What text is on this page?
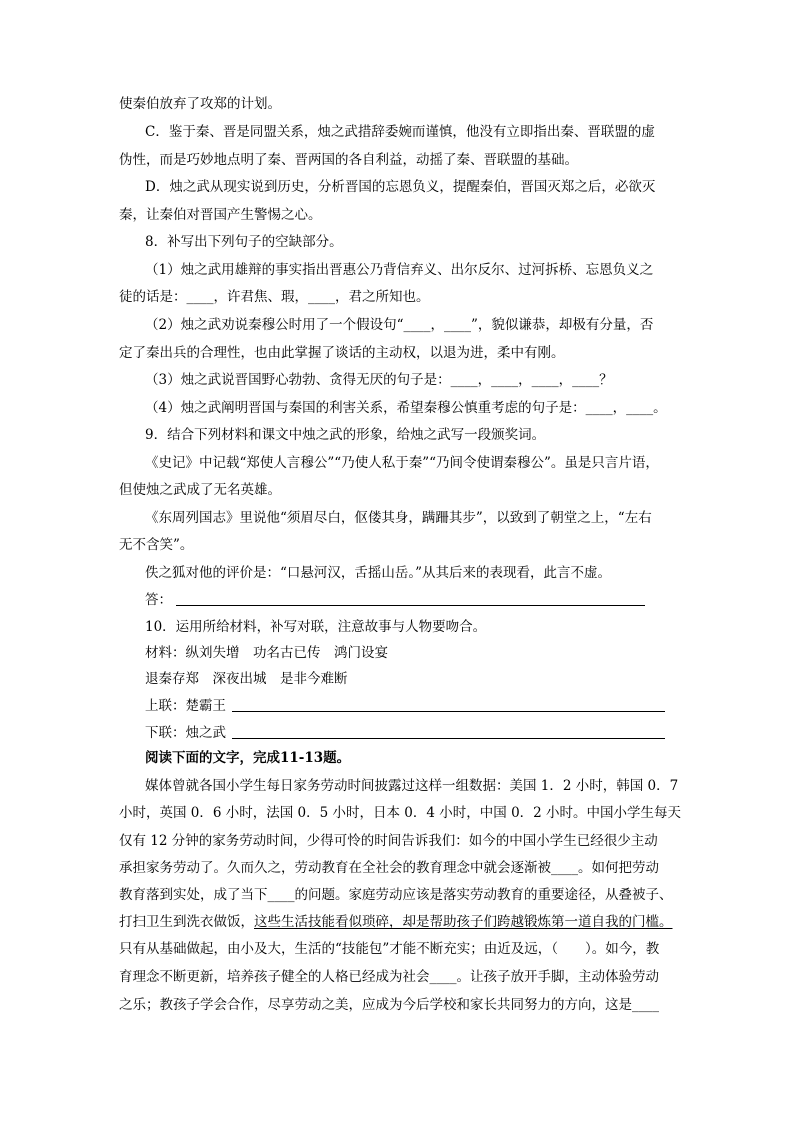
使秦伯放弃了攻郑的计划。
C．鉴于秦、晋是同盟关系，烛之武措辞委婉而谨慎，他没有立即指出秦、晋联盟的虚
伪性，而是巧妙地点明了秦、晋两国的各自利益，动摇了秦、晋联盟的基础。
D．烛之武从现实说到历史，分析晋国的忘恩负义，提醒秦伯，晋国灭郑之后，必欲灭
秦，让秦伯对晋国产生警惕之心。
8．补写出下列句子的空缺部分。
（1）烛之武用雄辩的事实指出晋惠公乃背信弃义、出尔反尔、过河拆桥、忘恩负义之
徒的话是：____，许君焦、瑕，____，君之所知也。
（2）烛之武劝说秦穆公时用了一个假设句“____，____”，貌似谦恭，却极有分量，否
定了秦出兵的合理性，也由此掌握了谈话的主动权，以退为进，柔中有刚。
（3）烛之武说晋国野心勃勃、贪得无厌的句子是：____，____，____，____？
（4）烛之武阐明晋国与秦国的利害关系，希望秦穆公慎重考虑的句子是：____，____。
9．结合下列材料和课文中烛之武的形象，给烛之武写一段颁奖词。
《史记》中记载“郑使人言穆公”“乃使人私于秦”“乃间令使谓秦穆公”。虽是只言片语，
但使烛之武成了无名英雄。
《东周列国志》里说他“须眉尽白，伛偻其身，蹒跚其步”，以致到了朝堂之上，“左右
无不含笑”。
佚之狐对他的评价是：“口悬河汉，舌摇山岳。”从其后来的表现看，此言不虚。
答：
10．运用所给材料，补写对联，注意故事与人物要吻合。
材料：纵刘失增　功名古已传　鸿门设宴
退秦存郑　深夜出城　是非今难断
上联：楚霸王
下联：烛之武
阅读下面的文字，完成11-13题。
媒体曾就各国小学生每日家务劳动时间披露过这样一组数据：美国 1．2 小时，韩国 0．7
小时，英国 0．6 小时，法国 0．5 小时，日本 0．4 小时，中国 0．2 小时。中国小学生每天
仅有 12 分钟的家务劳动时间，少得可怜的时间告诉我们：如今的中国小学生已经很少主动
承担家务劳动了。久而久之，劳动教育在全社会的教育理念中就会逐渐被____。如何把劳动
教育落到实处，成了当下____的问题。家庭劳动应该是落实劳动教育的重要途径，从叠被子、
打扫卫生到洗衣做饭，这些生活技能看似琐碎，却是帮助孩子们跨越锻炼第一道自我的门槛。
只有从基础做起，由小及大，生活的“技能包”才能不断充实；由近及远，（　　）。如今，教
育理念不断更新，培养孩子健全的人格已经成为社会____。让孩子放开手脚，主动体验劳动
之乐；教孩子学会合作，尽享劳动之美，应成为今后学校和家长共同努力的方向，这是____
